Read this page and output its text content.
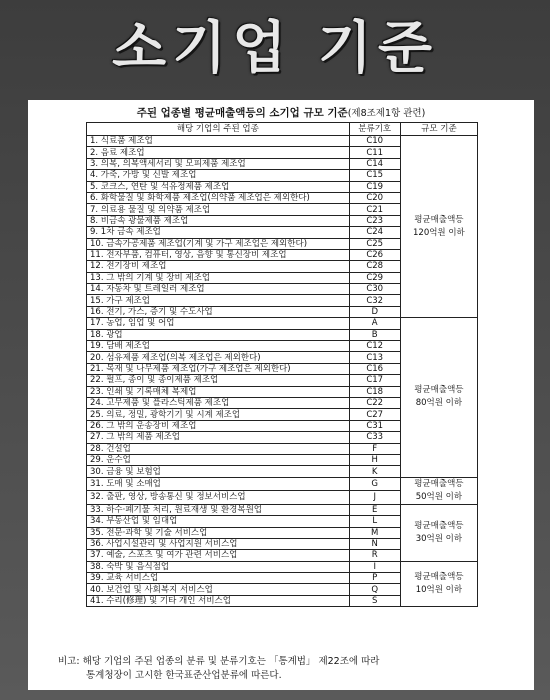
소기업 기준
주된 업종별 평균매출액등의 소기업 규모 기준(제8조제1항 관련)
해당 기업의 주된 업종	분류기호	규모 기준
1. 식료품 제조업	C10	평균매출액등
120억원 이하

2. 음료 제조업	C11	
3. 의복, 의복액세서리 및 모피제품 제조업	C14	
4. 가죽, 가방 및 신발 제조업	C15	
5. 코크스, 연탄 및 석유정제품 제조업	C19	
6. 화학물질 및 화학제품 제조업(의약품 제조업은 제외한다)	C20	
7. 의료용 물질 및 의약품 제조업	C21	
8. 비금속 광물제품 제조업	C23	
9. 1차 금속 제조업	C24	
10. 금속가공제품 제조업(기계 및 가구 제조업은 제외한다)	C25	
11. 전자부품, 컴퓨터, 영상, 음향 및 통신장비 제조업	C26	
12. 전기장비 제조업	C28	
13. 그 밖의 기계 및 장비 제조업	C29	
14. 자동차 및 트레일러 제조업	C30	
15. 가구 제조업	C32	
16. 전기, 가스, 증기 및 수도사업	D	
17. 농업, 임업 및 어업	A	평균매출액등
80억원 이하

18. 광업	B	
19. 담배 제조업	C12	
20. 섬유제품 제조업(의복 제조업은 제외한다)	C13	
21. 목재 및 나무제품 제조업(가구 제조업은 제외한다)	C16	
22. 펄프, 종이 및 종이제품 제조업	C17	
23. 인쇄 및 기록매체 복제업	C18	
24. 고무제품 및 플라스틱제품 제조업	C22	
25. 의료, 정밀, 광학기기 및 시계 제조업	C27	
26. 그 밖의 운송장비 제조업	C31	
27. 그 밖의 제품 제조업	C33	
28. 건설업	F	
29. 운수업	H	
30. 금융 및 보험업	K	
31. 도매 및 소매업	G	평균매출액등
50억원 이하

32. 출판, 영상, 방송통신 및 정보서비스업	J	
33. 하수·폐기물 처리, 원료재생 및 환경복원업	E	평균매출액등
30억원 이하

34. 부동산업 및 임대업	L	
35. 전문·과학 및 기술 서비스업	M	
36. 사업시설관리 및 사업지원 서비스업	N	
37. 예술, 스포츠 및 여가 관련 서비스업	R	
38. 숙박 및 음식점업	I	평균매출액등
10억원 이하

39. 교육 서비스업	P	
40. 보건업 및 사회복지 서비스업	Q	
41. 수리(修理) 및 기타 개인 서비스업	S	
비고: 해당 기업의 주된 업종의 분류 및 분류기호는 「통계법」 제22조에 따라
통계청장이 고시한 한국표준산업분류에 따른다.
